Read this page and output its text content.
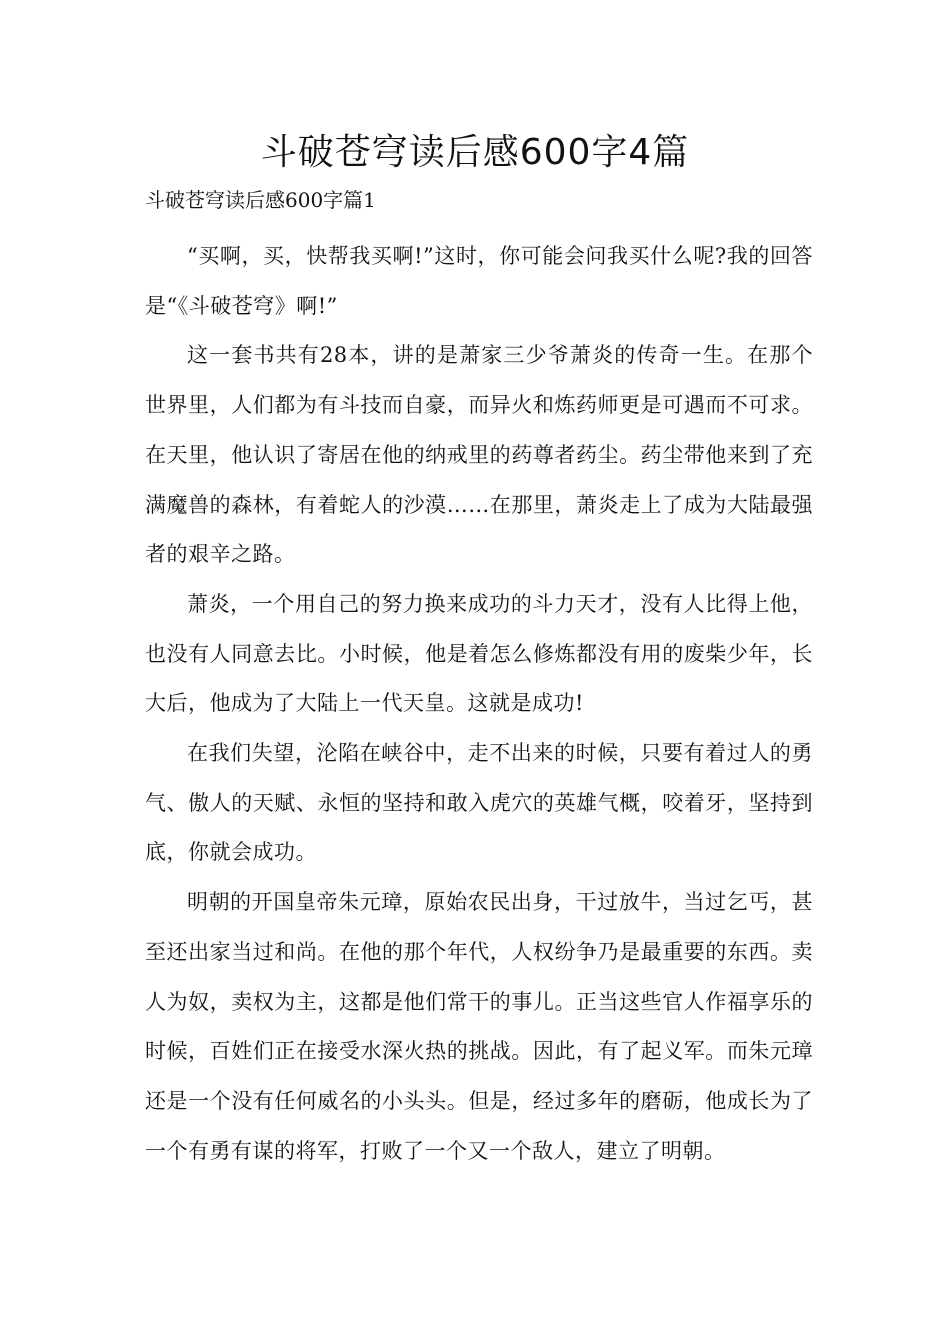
斗破苍穹读后感600字4篇

斗破苍穹读后感600字篇1

“买啊，买，快帮我买啊!”这时，你可能会问我买什么呢?我的回答是“《斗破苍穹》啊!”

这一套书共有28本，讲的是萧家三少爷萧炎的传奇一生。在那个世界里，人们都为有斗技而自豪，而异火和炼药师更是可遇而不可求。在天里，他认识了寄居在他的纳戒里的药尊者药尘。药尘带他来到了充满魔兽的森林，有着蛇人的沙漠……在那里，萧炎走上了成为大陆最强者的艰辛之路。

萧炎，一个用自己的努力换来成功的斗力天才，没有人比得上他，也没有人同意去比。小时候，他是着怎么修炼都没有用的废柴少年，长大后，他成为了大陆上一代天皇。这就是成功!

在我们失望，沦陷在峡谷中，走不出来的时候，只要有着过人的勇气、傲人的天赋、永恒的坚持和敢入虎穴的英雄气概，咬着牙，坚持到底，你就会成功。

明朝的开国皇帝朱元璋，原始农民出身，干过放牛，当过乞丐，甚至还出家当过和尚。在他的那个年代，人权纷争乃是最重要的东西。卖人为奴，卖权为主，这都是他们常干的事儿。正当这些官人作福享乐的时候，百姓们正在接受水深火热的挑战。因此，有了起义军。而朱元璋还是一个没有任何威名的小头头。但是，经过多年的磨砺，他成长为了一个有勇有谋的将军，打败了一个又一个敌人，建立了明朝。
